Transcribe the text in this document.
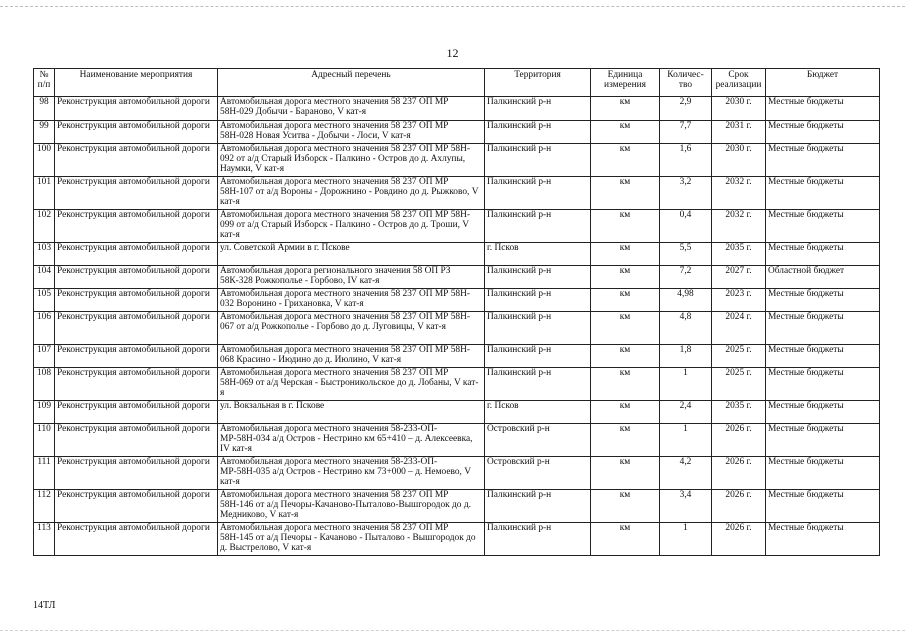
12
№ п/п	Наименование мероприятия	Адресный перечень	Территория	Единица измерения	Количес- тво	Срок реализации	Бюджет
98	Реконструкция автомобильной дороги	Автомобильная дорога местного значения 58 237 ОП МР 58Н-029 Добычи - Бараново, V кат-я	Палкинский р-н	км	2,9	2030 г.	Местные бюджеты
99	Реконструкция автомобильной дороги	Автомобильная дорога местного значения 58 237 ОП МР 58Н-028 Новая Уситва - Добычи - Лоси, V кат-я	Палкинский р-н	км	7,7	2031 г.	Местные бюджеты
100	Реконструкция автомобильной дороги	Автомобильная дорога местного значения 58 237 ОП МР 58Н- 092 от а/д Старый Изборск - Палкино - Остров до д. Ахлупы, Наумки, V кат-я	Палкинский р-н	км	1,6	2030 г.	Местные бюджеты
101	Реконструкция автомобильной дороги	Автомобильная дорога местного значения 58 237 ОП МР 58Н-107 от а/д Вороны - Дорожнино - Ровдино до д. Рыжково, V кат-я	Палкинский р-н	км	3,2	2032 г.	Местные бюджеты
102	Реконструкция автомобильной дороги	Автомобильная дорога местного значения 58 237 ОП МР 58Н- 099 от а/д Старый Изборск - Палкино - Остров до д. Троши, V кат-я	Палкинский р-н	км	0,4	2032 г.	Местные бюджеты
103	Реконструкция автомобильной дороги	ул. Советской Армии в г. Пскове	г. Псков	км	5,5	2035 г.	Местные бюджеты
104	Реконструкция автомобильной дороги	Автомобильная дорога регионального значения 58 ОП РЗ 58К-328 Рожкополье - Горбово, IV кат-я	Палкинский р-н	км	7,2	2027 г.	Областной бюджет
105	Реконструкция автомобильной дороги	Автомобильная дорога местного значения 58 237 ОП МР 58Н- 032 Воронино - Грихановка, V кат-я	Палкинский р-н	км	4,98	2023 г.	Местные бюджеты
106	Реконструкция автомобильной дороги	Автомобильная дорога местного значения 58 237 ОП МР 58Н- 067 от а/д Рожкополье - Горбово до д. Луговицы, V кат-я	Палкинский р-н	км	4,8	2024 г.	Местные бюджеты
107	Реконструкция автомобильной дороги	Автомобильная дорога местного значения 58 237 ОП МР 58Н- 068 Красино - Июдино до д. Июлино, V кат-я	Палкинский р-н	км	1,8	2025 г.	Местные бюджеты
108	Реконструкция автомобильной дороги	Автомобильная дорога местного значения 58 237 ОП МР 58Н-069 от а/д Черская - Быстроникольское до д. Лобаны, V кат-я	Палкинский р-н	км	1	2025 г.	Местные бюджеты
109	Реконструкция автомобильной дороги	ул. Вокзальная в г. Пскове	г. Псков	км	2,4	2035 г.	Местные бюджеты
110	Реконструкция автомобильной дороги	Автомобильная дорога местного значения 58-233-ОП-МР-58Н-034 а/д Остров - Нестрино км 65+410 – д. Алексеевка, IV кат-я	Островский р-н	км	1	2026 г.	Местные бюджеты
111	Реконструкция автомобильной дороги	Автомобильная дорога местного значения 58-233-ОП-МР-58Н-035 а/д Остров - Нестрино км 73+000 – д. Немоево, V кат-я	Островский р-н	км	4,2	2026 г.	Местные бюджеты
112	Реконструкция автомобильной дороги	Автомобильная дорога местного значения 58 237 ОП МР 58Н-146 от а/д Печоры-Качаново-Пыталово-Вышгородок до д. Медниково, V кат-я	Палкинский р-н	км	3,4	2026 г.	Местные бюджеты
113	Реконструкция автомобильной дороги	Автомобильная дорога местного значения 58 237 ОП МР 58Н-145 от а/д Печоры - Качаново - Пыталово - Вышгородок до д. Выстрелово, V кат-я	Палкинский р-н	км	1	2026 г.	Местные бюджеты
14ТЛ
